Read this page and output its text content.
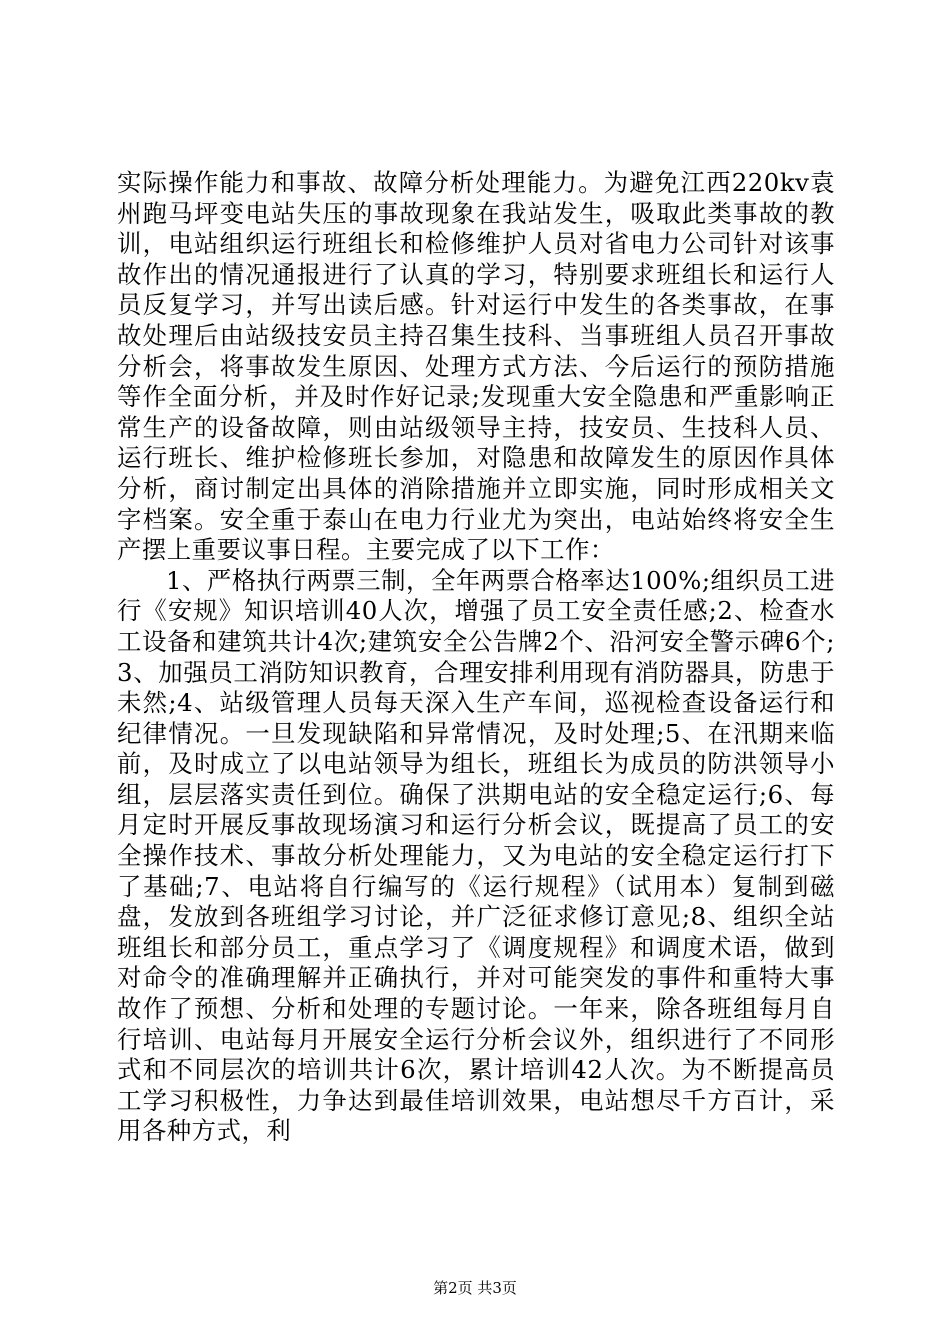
实际操作能力和事故、故障分析处理能力。为避免江西220kv袁州跑马坪变电站失压的事故现象在我站发生，吸取此类事故的教训，电站组织运行班组长和检修维护人员对省电力公司针对该事故作出的情况通报进行了认真的学习，特别要求班组长和运行人员反复学习，并写出读后感。针对运行中发生的各类事故，在事故处理后由站级技安员主持召集生技科、当事班组人员召开事故分析会，将事故发生原因、处理方式方法、今后运行的预防措施等作全面分析，并及时作好记录;发现重大安全隐患和严重影响正常生产的设备故障，则由站级领导主持，技安员、生技科人员、运行班长、维护检修班长参加，对隐患和故障发生的原因作具体分析，商讨制定出具体的消除措施并立即实施，同时形成相关文字档案。安全重于泰山在电力行业尤为突出，电站始终将安全生产摆上重要议事日程。主要完成了以下工作：

1、严格执行两票三制，全年两票合格率达100%;组织员工进行《安规》知识培训40人次，增强了员工安全责任感;2、检查水工设备和建筑共计4次;建筑安全公告牌2个、沿河安全警示碑6个;3、加强员工消防知识教育，合理安排利用现有消防器具，防患于未然;4、站级管理人员每天深入生产车间，巡视检查设备运行和纪律情况。一旦发现缺陷和异常情况，及时处理;5、在汛期来临前，及时成立了以电站领导为组长，班组长为成员的防洪领导小组，层层落实责任到位。确保了洪期电站的安全稳定运行;6、每月定时开展反事故现场演习和运行分析会议，既提高了员工的安全操作技术、事故分析处理能力，又为电站的安全稳定运行打下了基础;7、电站将自行编写的《运行规程》（试用本）复制到磁盘，发放到各班组学习讨论，并广泛征求修订意见;8、组织全站班组长和部分员工，重点学习了《调度规程》和调度术语，做到对命令的准确理解并正确执行，并对可能突发的事件和重特大事故作了预想、分析和处理的专题讨论。一年来，除各班组每月自行培训、电站每月开展安全运行分析会议外，组织进行了不同形式和不同层次的培训共计6次，累计培训42人次。为不断提高员工学习积极性，力争达到最佳培训效果，电站想尽千方百计，采用各种方式，利

第2页 共3页
